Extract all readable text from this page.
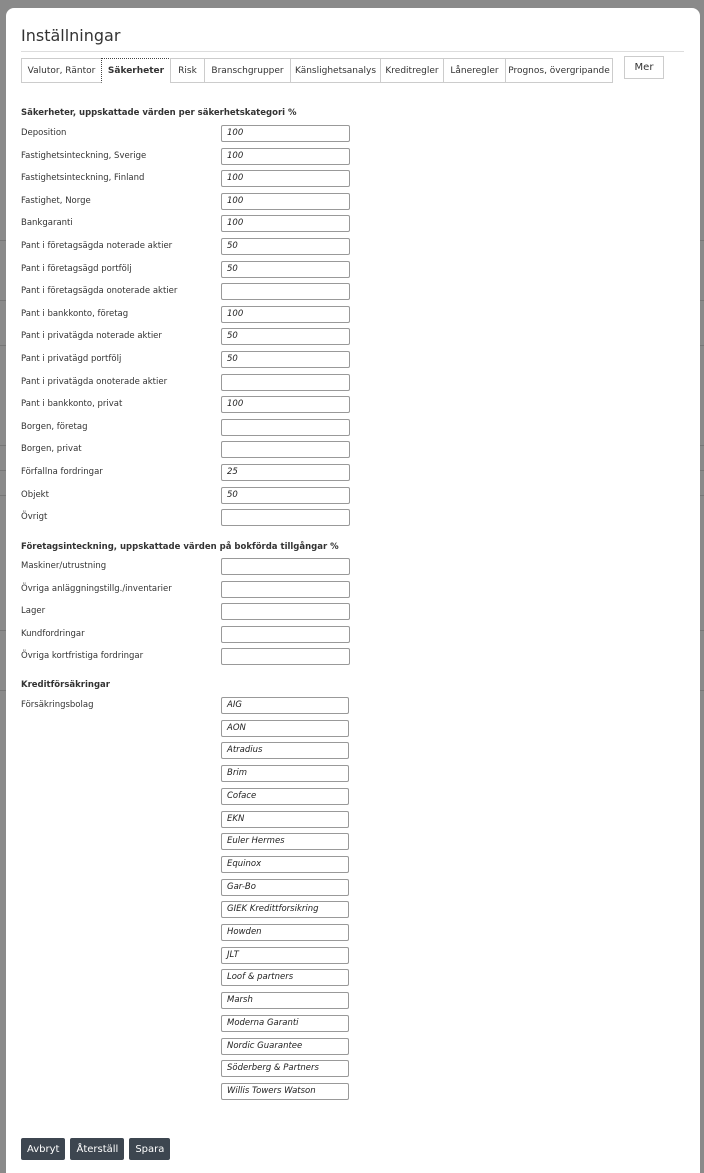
Inställningar
Valutor, Räntor	Säkerheter	Risk	Branschgrupper	Känslighetsanalys	Kreditregler	Låneregler	Prognos, övergripande	Mer
Säkerheter, uppskattade värden per säkerhetskategori %
Deposition	100
Fastighetsinteckning, Sverige	100
Fastighetsinteckning, Finland	100
Fastighet, Norge	100
Bankgaranti	100
Pant i företagsägda noterade aktier	50
Pant i företagsägd portfölj	50
Pant i företagsägda onoterade aktier
Pant i bankkonto, företag	100
Pant i privatägda noterade aktier	50
Pant i privatägd portfölj	50
Pant i privatägda onoterade aktier
Pant i bankkonto, privat	100
Borgen, företag
Borgen, privat
Förfallna fordringar	25
Objekt	50
Övrigt
Företagsinteckning, uppskattade värden på bokförda tillgångar %
Maskiner/utrustning
Övriga anläggningstillg./inventarier
Lager
Kundfordringar
Övriga kortfristiga fordringar
Kreditförsäkringar
Försäkringsbolag	AIG
AON
Atradius
Brim
Coface
EKN
Euler Hermes
Equinox
Gar-Bo
GIEK Kredittforsikring
Howden
JLT
Loof & partners
Marsh
Moderna Garanti
Nordic Guarantee
Söderberg & Partners
Willis Towers Watson
Avbryt	Återställ	Spara
